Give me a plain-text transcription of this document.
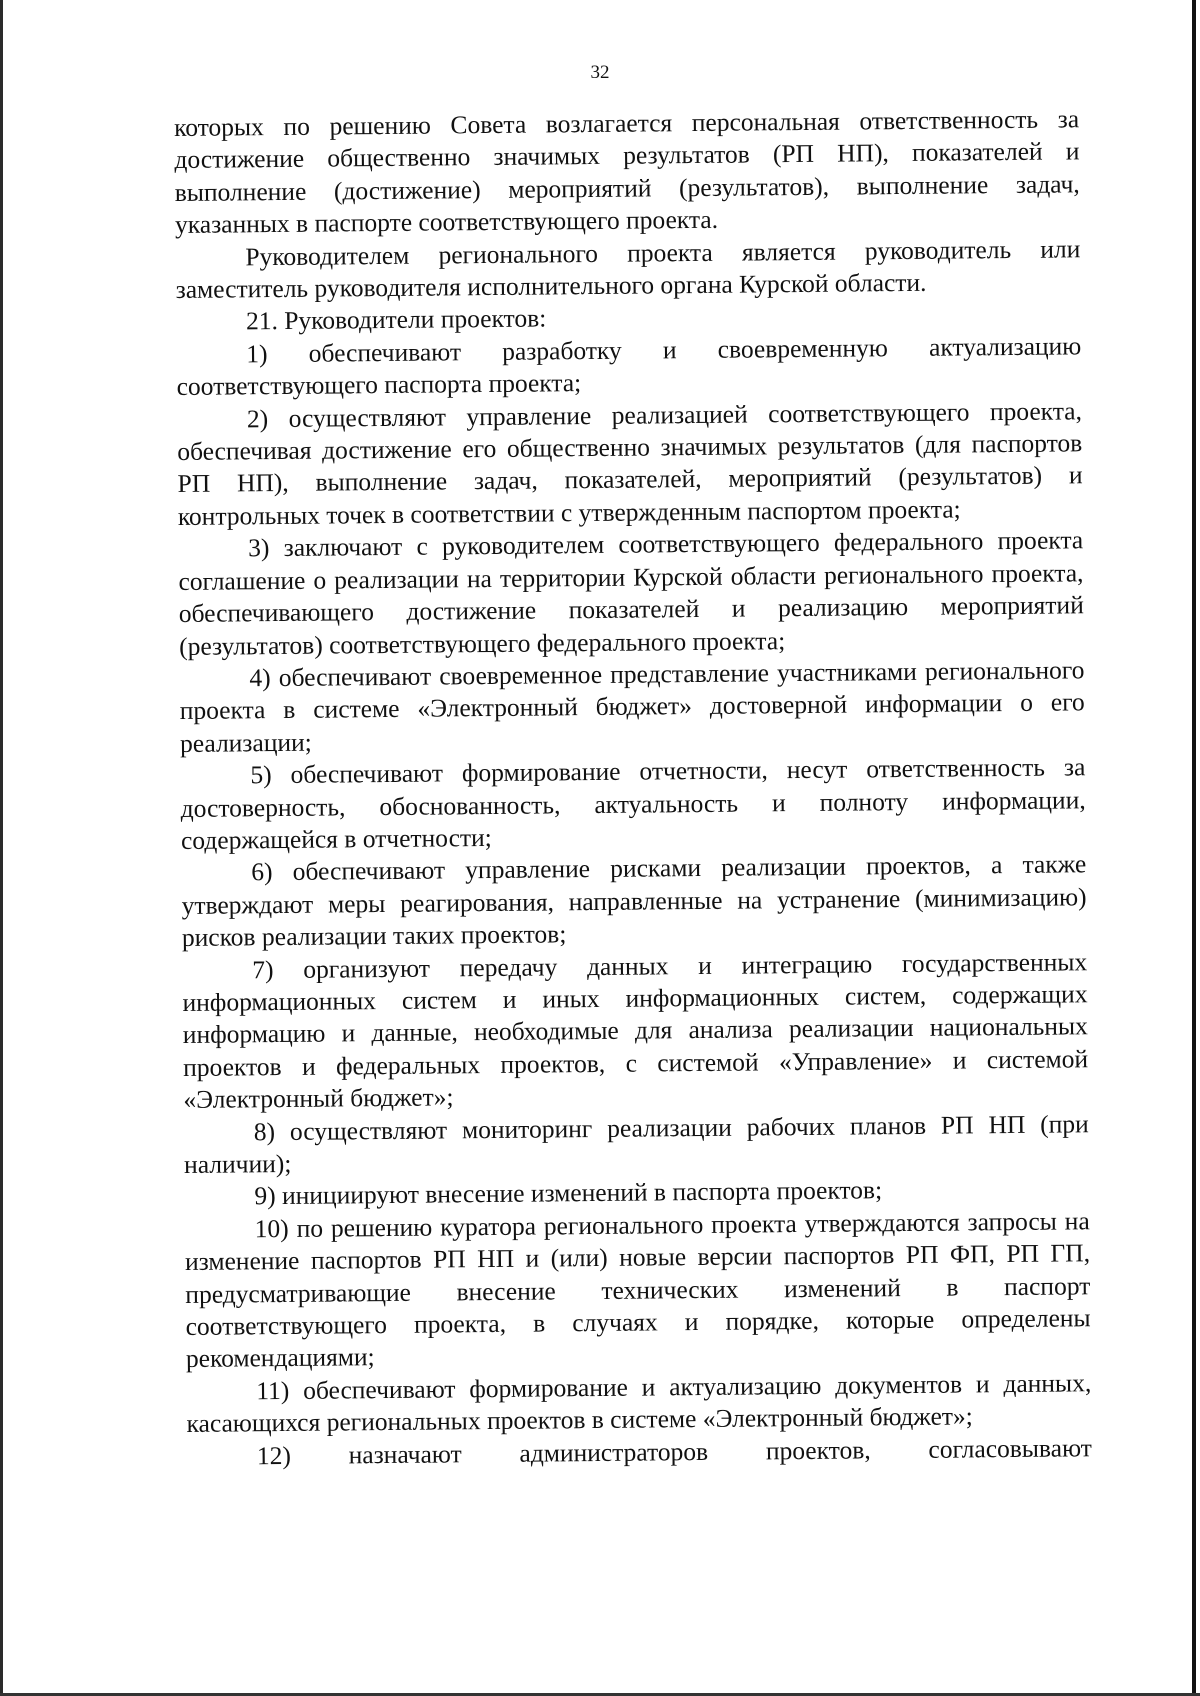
32

которых по решению Совета возлагается персональная ответственность за достижение общественно значимых результатов (РП НП), показателей и выполнение (достижение) мероприятий (результатов), выполнение задач, указанных в паспорте соответствующего проекта.

Руководителем регионального проекта является руководитель или заместитель руководителя исполнительного органа Курской области.

21. Руководители проектов:

1) обеспечивают разработку и своевременную актуализацию соответствующего паспорта проекта;

2) осуществляют управление реализацией соответствующего проекта, обеспечивая достижение его общественно значимых результатов (для паспортов РП НП), выполнение задач, показателей, мероприятий (результатов) и контрольных точек в соответствии с утвержденным паспортом проекта;

3) заключают с руководителем соответствующего федерального проекта соглашение о реализации на территории Курской области регионального проекта, обеспечивающего достижение показателей и реализацию мероприятий (результатов) соответствующего федерального проекта;

4) обеспечивают своевременное представление участниками регионального проекта в системе «Электронный бюджет» достоверной информации о его реализации;

5) обеспечивают формирование отчетности, несут ответственность за достоверность, обоснованность, актуальность и полноту информации, содержащейся в отчетности;

6) обеспечивают управление рисками реализации проектов, а также утверждают меры реагирования, направленные на устранение (минимизацию) рисков реализации таких проектов;

7) организуют передачу данных и интеграцию государственных информационных систем и иных информационных систем, содержащих информацию и данные, необходимые для анализа реализации национальных проектов и федеральных проектов, с системой «Управление» и системой «Электронный бюджет»;

8) осуществляют мониторинг реализации рабочих планов РП НП (при наличии);

9) инициируют внесение изменений в паспорта проектов;

10) по решению куратора регионального проекта утверждаются запросы на изменение паспортов РП НП и (или) новые версии паспортов РП ФП, РП ГП, предусматривающие внесение технических изменений в паспорт соответствующего проекта, в случаях и порядке, которые определены рекомендациями;

11) обеспечивают формирование и актуализацию документов и данных, касающихся региональных проектов в системе «Электронный бюджет»;

12) назначают администраторов проектов, согласовывают
